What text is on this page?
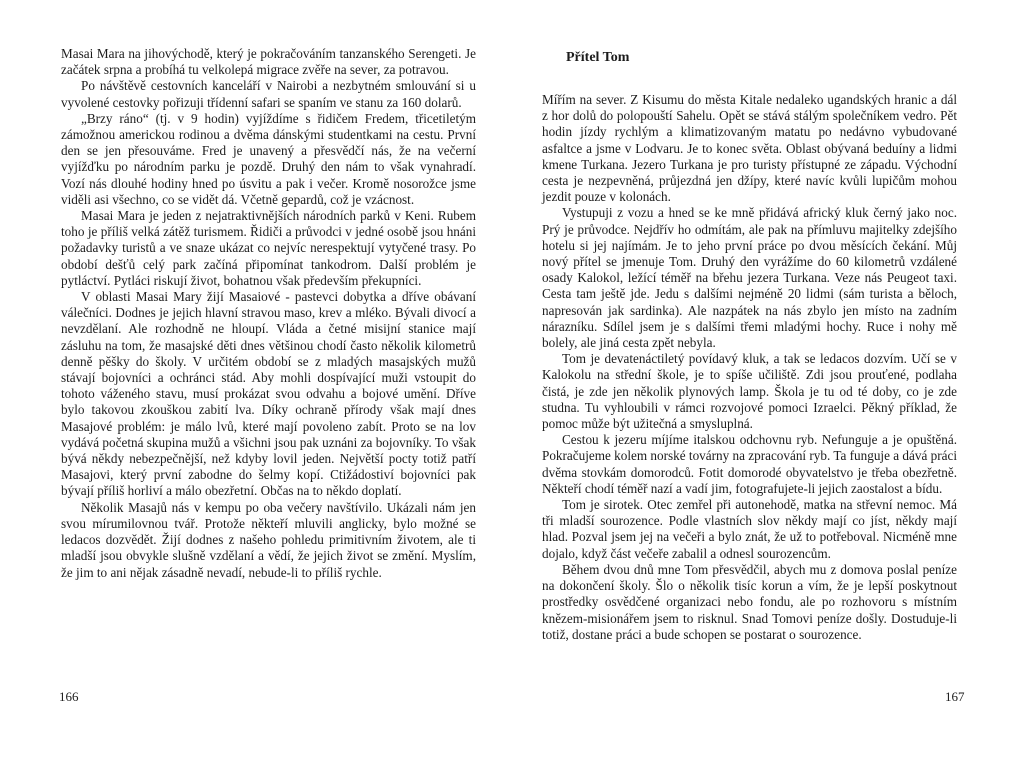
Masai Mara na jihovýchodě, který je pokračováním tanzanského Serengeti. Je začátek srpna a probíhá tu velkolepá migrace zvěře na sever, za potravou.

Po návštěvě cestovních kanceláří v Nairobi a nezbytném smlouvání si u vyvolené cestovky pořizuji třídenní safari se spaním ve stanu za 160 dolarů.

„Brzy ráno“ (tj. v 9 hodin) vyjíždíme s řidičem Fredem, třicetiletým zámožnou americkou rodinou a dvěma dánskými studentkami na cestu. První den se jen přesouváme. Fred je unavený a přesvědčí nás, že na večerní vyjížďku po národním parku je pozdě. Druhý den nám to však vynahradí. Vozí nás dlouhé hodiny hned po úsvitu a pak i večer. Kromě nosorožce jsme viděli asi všechno, co se vidět dá. Včetně gepardů, což je vzácnost.

Masai Mara je jeden z nejatraktivnějších národních parků v Keni. Rubem toho je příliš velká zátěž turismem. Řidiči a průvodci v jedné osobě jsou hnáni požadavky turistů a ve snaze ukázat co nejvíc nerespektují vytyčené trasy. Po období dešťů celý park začíná připomínat tankodrom. Další problém je pytláctví. Pytláci riskují život, bohatnou však především překupníci.

V oblasti Masai Mary žijí Masaiové - pastevci dobytka a dříve obávaní válečníci. Dodnes je jejich hlavní stravou maso, krev a mléko. Bývali divocí a nevzdělaní. Ale rozhodně ne hloupí. Vláda a četné misijní stanice mají zásluhu na tom, že masajské děti dnes většinou chodí často několik kilometrů denně pěšky do školy. V určitém období se z mladých masajských mužů stávají bojovníci a ochránci stád. Aby mohli dospívající muži vstoupit do tohoto váženého stavu, musí prokázat svou odvahu a bojové umění. Dříve bylo takovou zkouškou zabití lva. Díky ochraně přírody však mají dnes Masajové problém: je málo lvů, které mají povoleno zabít. Proto se na lov vydává početná skupina mužů a všichni jsou pak uznáni za bojovníky. To však bývá někdy nebezpečnější, než kdyby lovil jeden. Největší pocty totiž patří Masajovi, který první zabodne do šelmy kopí. Ctižádostiví bojovníci pak bývají příliš horliví a málo obezřetní. Občas na to někdo doplatí.

Několik Masajů nás v kempu po oba večery navštívilo. Ukázali nám jen svou mírumilovnou tvář. Protože někteří mluvili anglicky, bylo možné se ledacos dozvědět. Žijí dodnes z našeho pohledu primitivním životem, ale ti mladší jsou obvykle slušně vzdělaní a vědí, že jejich život se změní. Myslím, že jim to ani nějak zásadně nevadí, nebude-li to příliš rychle.

166
Přítel Tom

Mířím na sever. Z Kisumu do města Kitale nedaleko ugandských hranic a dál z hor dolů do polopouští Sahelu. Opět se stává stálým společníkem vedro. Pět hodin jízdy rychlým a klimatizovaným matatu po nedávno vybudované asfaltce a jsme v Lodvaru. Je to konec světa. Oblast obývaná beduíny a lidmi kmene Turkana. Jezero Turkana je pro turisty přístupné ze západu. Východní cesta je nezpevněná, průjezdná jen džípy, které navíc kvůli lupičům mohou jezdit pouze v kolonách.

Vystupuji z vozu a hned se ke mně přidává africký kluk černý jako noc. Prý je průvodce. Nejdřív ho odmítám, ale pak na přímluvu majitelky zdejšího hotelu si jej najímám. Je to jeho první práce po dvou měsících čekání. Můj nový přítel se jmenuje Tom. Druhý den vyrážíme do 60 kilometrů vzdálené osady Kalokol, ležící téměř na břehu jezera Turkana. Veze nás Peugeot taxi. Cesta tam ještě jde. Jedu s dalšími nejméně 20 lidmi (sám turista a běloch, napresován jak sardinka). Ale nazpátek na nás zbylo jen místo na zadním nárazníku. Sdílel jsem je s dalšími třemi mladými hochy. Ruce i nohy mě bolely, ale jiná cesta zpět nebyla.

Tom je devatenáctiletý povídavý kluk, a tak se ledacos dozvím. Učí se v Kalokolu na střední škole, je to spíše učiliště. Zdi jsou prouťené, podlaha čistá, je zde jen několik plynových lamp. Škola je tu od té doby, co je zde studna. Tu vyhloubili v rámci rozvojové pomoci Izraelci. Pěkný příklad, že pomoc může být užitečná a smysluplná.

Cestou k jezeru míjíme italskou odchovnu ryb. Nefunguje a je opuštěná. Pokračujeme kolem norské továrny na zpracování ryb. Ta funguje a dává práci dvěma stovkám domorodců. Fotit domorodé obyvatelstvo je třeba obezřetně. Někteří chodí téměř nazí a vadí jim, fotografujete-li jejich zaostalost a bídu.

Tom je sirotek. Otec zemřel při autonehodě, matka na střevní nemoc. Má tři mladší sourozence. Podle vlastních slov někdy mají co jíst, někdy mají hlad. Pozval jsem jej na večeři a bylo znát, že už to potřeboval. Nicméně mne dojalo, když část večeře zabalil a odnesl sourozencům.

Během dvou dnů mne Tom přesvědčil, abych mu z domova poslal peníze na dokončení školy. Šlo o několik tisíc korun a vím, že je lepší poskytnout prostředky osvědčené organizaci nebo fondu, ale po rozhovoru s místním knězem-misionářem jsem to risknul. Snad Tomovi peníze došly. Dostuduje-li totiž, dostane práci a bude schopen se postarat o sourozence.

167
